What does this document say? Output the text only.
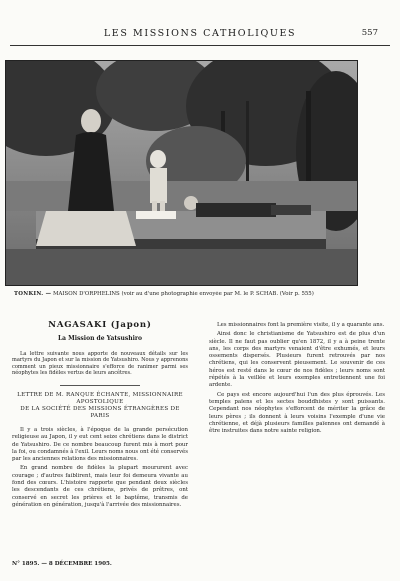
LES MISSIONS CATHOLIQUES	557
TONKIN. — MAISON D'ORPHELINS (voir au d'une photographie envoyée par M. le P. SCHAB. (Voir p. 555)
NAGASAKI (Japon)
La Mission de Yatsushiro

La lettre suivante nous apporte de nouveaux détails sur les martyrs du Japon et sur la mission de Yatsushiro. Nous y apprenons comment un pieux missionnaire s'efforce de ranimer parmi ses néophytes les fidèles vertus de leurs ancêtres.

LETTRE DE M. RANQUE ÉCHANTE, MISSIONNAIRE APOSTOLIQUE
DE LA SOCIÉTÉ DES MISSIONS ÉTRANGÈRES DE PARIS

Il y a trois siècles, à l'époque de la grande persécution religieuse au Japon, il y eut cent seize chrétiens dans le district de Yatsushiro. De ce nombre beaucoup furent mis à mort pour la foi, ou condamnés à l'exil. Leurs noms nous ont été conservés par les anciennes relations des missionnaires.

En grand nombre de fidèles la plupart moururent avec courage ; d'autres faiblirent, mais leur foi demeura vivante au fond des cœurs. L'histoire rapporte que pendant deux siècles les descendants de ces chrétiens, privés de prêtres, ont conservé en secret les prières et le baptême, transmis de génération en génération, jusqu'à l'arrivée des missionnaires.

Les missionnaires font la première visite, il y a quarante ans.

Ainsi donc le christianisme de Yatsushiro est de plus d'un siècle. Il ne faut pas oublier qu'en 1872, il y a à peine trente ans, les corps des martyrs venaient d'être exhumés, et leurs ossements dispersés. Plusieurs furent retrouvés par nos chrétiens, qui les conservent pieusement. Le souvenir de ces héros est resté dans le cœur de nos fidèles ; leurs noms sont répétés à la veillée et leurs exemples entretiennent une foi ardente.

Ce pays est encore aujourd'hui l'un des plus éprouvés. Les temples païens et les sectes bouddhistes y sont puissants. Cependant nos néophytes s'efforcent de mériter la grâce de leurs pères ; ils donnent à leurs voisins l'exemple d'une vie chrétienne, et déjà plusieurs familles païennes ont demandé à être instruites dans notre sainte religion.

N° 1895. — 8 DÉCEMBRE 1905.
